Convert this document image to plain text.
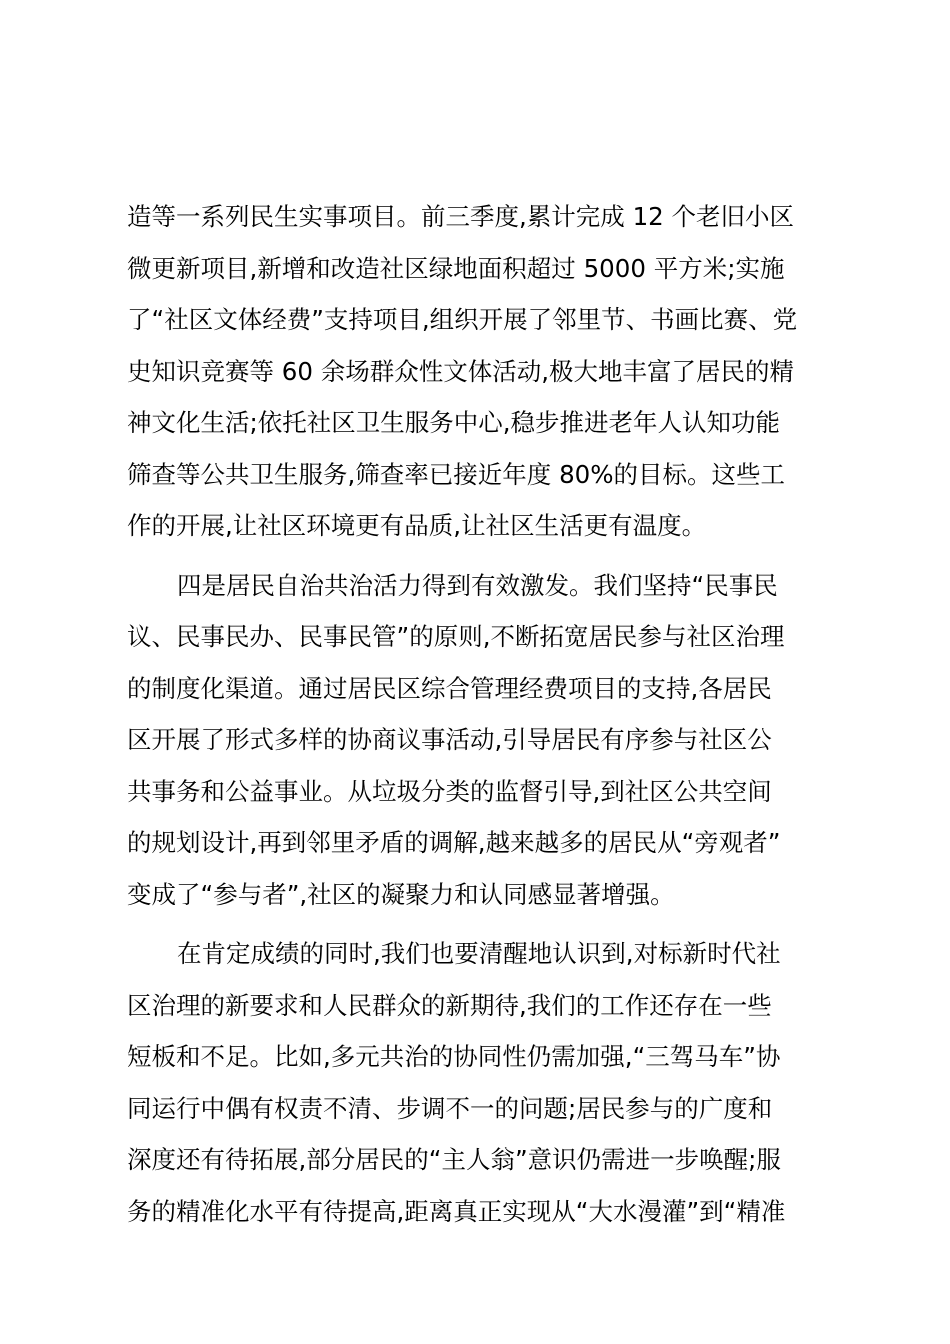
造等一系列民生实事项目。前三季度,累计完成 12 个老旧小区
微更新项目,新增和改造社区绿地面积超过 5000 平方米;实施
了“社区文体经费”支持项目,组织开展了邻里节、书画比赛、党
史知识竞赛等 60 余场群众性文体活动,极大地丰富了居民的精
神文化生活;依托社区卫生服务中心,稳步推进老年人认知功能
筛查等公共卫生服务,筛查率已接近年度 80%的目标。这些工
作的开展,让社区环境更有品质,让社区生活更有温度。
四是居民自治共治活力得到有效激发。我们坚持“民事民
议、民事民办、民事民管”的原则,不断拓宽居民参与社区治理
的制度化渠道。通过居民区综合管理经费项目的支持,各居民
区开展了形式多样的协商议事活动,引导居民有序参与社区公
共事务和公益事业。从垃圾分类的监督引导,到社区公共空间
的规划设计,再到邻里矛盾的调解,越来越多的居民从“旁观者”
变成了“参与者”,社区的凝聚力和认同感显著增强。
在肯定成绩的同时,我们也要清醒地认识到,对标新时代社
区治理的新要求和人民群众的新期待,我们的工作还存在一些
短板和不足。比如,多元共治的协同性仍需加强,“三驾马车”协
同运行中偶有权责不清、步调不一的问题;居民参与的广度和
深度还有待拓展,部分居民的“主人翁”意识仍需进一步唤醒;服
务的精准化水平有待提高,距离真正实现从“大水漫灌”到“精准
